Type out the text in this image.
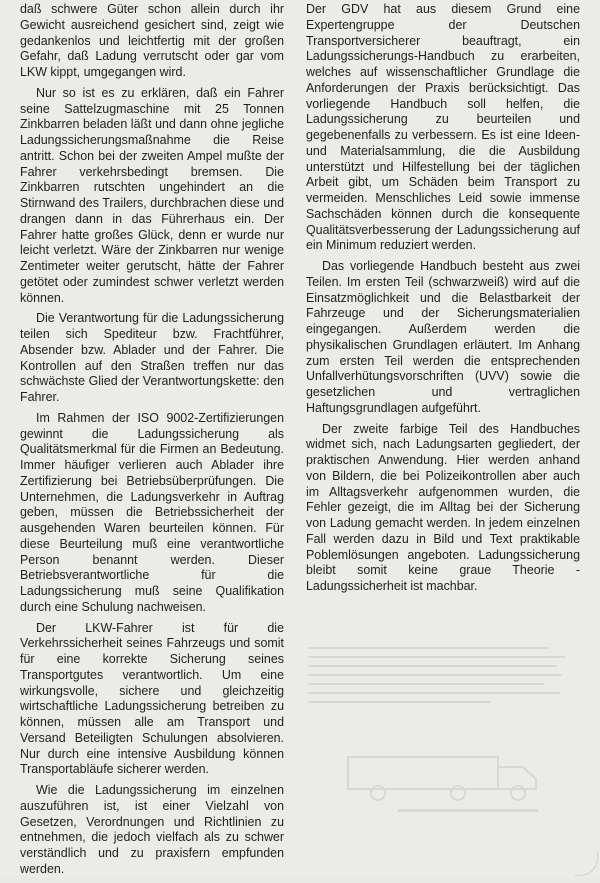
daß schwere Güter schon allein durch ihr Gewicht ausreichend gesichert sind, zeigt wie gedankenlos und leichtfertig mit der großen Gefahr, daß Ladung verrutscht oder gar vom LKW kippt, umgegangen wird.

Nur so ist es zu erklären, daß ein Fahrer seine Sattelzugmaschine mit 25 Tonnen Zinkbarren beladen läßt und dann ohne jegliche Ladungssicherungsmaßnahme die Reise antritt. Schon bei der zweiten Ampel mußte der Fahrer verkehrsbedingt bremsen. Die Zinkbarren rutschten ungehindert an die Stirnwand des Trailers, durchbrachen diese und drangen dann in das Führerhaus ein. Der Fahrer hatte großes Glück, denn er wurde nur leicht verletzt. Wäre der Zinkbarren nur wenige Zentimeter weiter gerutscht, hätte der Fahrer getötet oder zumindest schwer verletzt werden können.

Die Verantwortung für die Ladungssicherung teilen sich Spediteur bzw. Frachtführer, Absender bzw. Ablader und der Fahrer. Die Kontrollen auf den Straßen treffen nur das schwächste Glied der Verantwortungskette: den Fahrer.

Im Rahmen der ISO 9002-Zertifizierungen gewinnt die Ladungssicherung als Qualitätsmerkmal für die Firmen an Bedeutung. Immer häufiger verlieren auch Ablader ihre Zertifizierung bei Betriebsüberprüfungen. Die Unternehmen, die Ladungsverkehr in Auftrag geben, müssen die Betriebssicherheit der ausgehenden Waren beurteilen können. Für diese Beurteilung muß eine verantwortliche Person benannt werden. Dieser Betriebsverantwortliche für die Ladungssicherung muß seine Qualifikation durch eine Schulung nachweisen.

Der LKW-Fahrer ist für die Verkehrssicherheit seines Fahrzeugs und somit für eine korrekte Sicherung seines Transportgutes verantwortlich. Um eine wirkungsvolle, sichere und gleichzeitig wirtschaftliche Ladungssicherung betreiben zu können, müssen alle am Transport und Versand Beteiligten Schulungen absolvieren. Nur durch eine intensive Ausbildung können Transportabläufe sicherer werden.

Wie die Ladungssicherung im einzelnen auszuführen ist, ist einer Vielzahl von Gesetzen, Verordnungen und Richtlinien zu entnehmen, die jedoch vielfach als zu schwer verständlich und zu praxisfern empfunden werden.

Der GDV hat aus diesem Grund eine Expertengruppe der Deutschen Transportversicherer beauftragt, ein Ladungssicherungs-Handbuch zu erarbeiten, welches auf wissenschaftlicher Grundlage die Anforderungen der Praxis berücksichtigt. Das vorliegende Handbuch soll helfen, die Ladungssicherung zu beurteilen und gegebenenfalls zu verbessern. Es ist eine Ideen- und Materialsammlung, die die Ausbildung unterstützt und Hilfestellung bei der täglichen Arbeit gibt, um Schäden beim Transport zu vermeiden. Menschliches Leid sowie immense Sachschäden können durch die konsequente Qualitätsverbesserung der Ladungssicherung auf ein Minimum reduziert werden.

Das vorliegende Handbuch besteht aus zwei Teilen. Im ersten Teil (schwarzweiß) wird auf die Einsatzmöglichkeit und die Belastbarkeit der Fahrzeuge und der Sicherungsmaterialien eingegangen. Außerdem werden die physikalischen Grundlagen erläutert. Im Anhang zum ersten Teil werden die entsprechenden Unfallverhütungsvorschriften (UVV) sowie die gesetzlichen und vertraglichen Haftungsgrundlagen aufgeführt.

Der zweite farbige Teil des Handbuches widmet sich, nach Ladungsarten gegliedert, der praktischen Anwendung. Hier werden anhand von Bildern, die bei Polizeikontrollen aber auch im Alltagsverkehr aufgenommen wurden, die Fehler gezeigt, die im Alltag bei der Sicherung von Ladung gemacht werden. In jedem einzelnen Fall werden dazu in Bild und Text praktikable Poblemlösungen angeboten. Ladungssicherung bleibt somit keine graue Theorie - Ladungssicherheit ist machbar.
